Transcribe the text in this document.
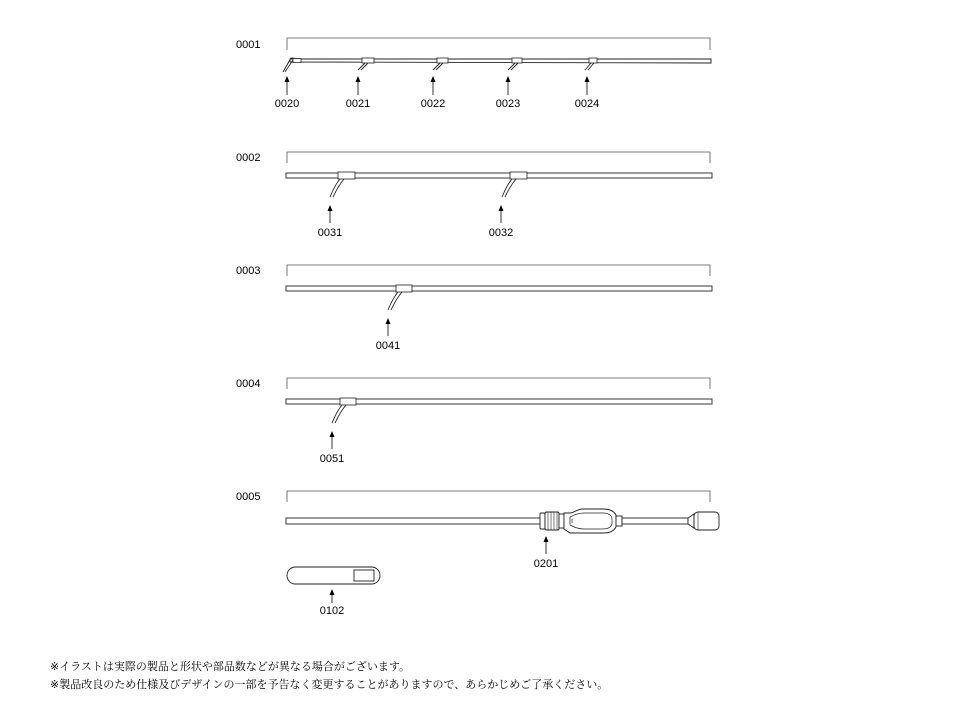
0001
0020	0021	0022	0023	0024
0002
0031	0032
0003
0041
0004
0051
0005
0201
0102
※イラストは実際の製品と形状や部品数などが異なる場合がございます。
※製品改良のため仕様及びデザインの一部を予告なく変更することがありますので、あらかじめご了承ください。
